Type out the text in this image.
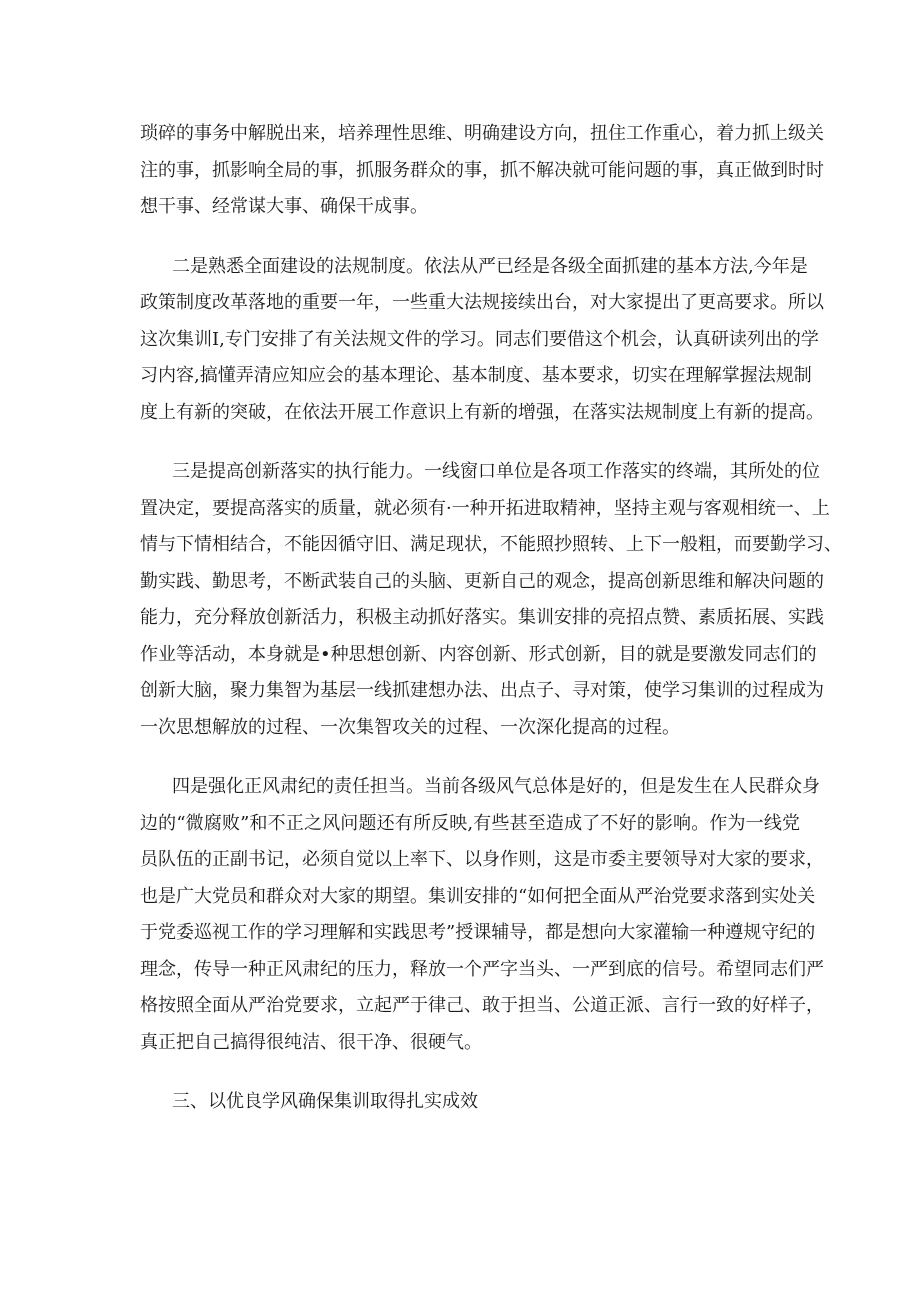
琐碎的事务中解脱出来，培养理性思维、明确建设方向，扭住工作重心，着力抓上级关
注的事，抓影响全局的事，抓服务群众的事，抓不解决就可能问题的事，真正做到时时
想干事、经常谋大事、确保干成事。
二是熟悉全面建设的法规制度。依法从严已经是各级全面抓建的基本方法,今年是
政策制度改革落地的重要一年，一些重大法规接续出台，对大家提出了更高要求。所以
这次集训Ⅰ,专门安排了有关法规文件的学习。同志们要借这个机会，认真研读列出的学
习内容,搞懂弄清应知应会的基本理论、基本制度、基本要求，切实在理解掌握法规制
度上有新的突破，在依法开展工作意识上有新的增强，在落实法规制度上有新的提高。
三是提高创新落实的执行能力。一线窗口单位是各项工作落实的终端，其所处的位
置决定，要提高落实的质量，就必须有·一种开拓进取精神，坚持主观与客观相统一、上
情与下情相结合，不能因循守旧、满足现状，不能照抄照转、上下一般粗，而要勤学习、
勤实践、勤思考，不断武装自己的头脑、更新自己的观念，提高创新思维和解决问题的
能力，充分释放创新活力，积极主动抓好落实。集训安排的亮招点赞、素质拓展、实践
作业等活动，本身就是•种思想创新、内容创新、形式创新，目的就是要激发同志们的
创新大脑，聚力集智为基层一线抓建想办法、出点子、寻对策，使学习集训的过程成为
一次思想解放的过程、一次集智攻关的过程、一次深化提高的过程。
四是强化正风肃纪的责任担当。当前各级风气总体是好的，但是发生在人民群众身
边的“微腐败”和不正之风问题还有所反映,有些甚至造成了不好的影响。作为一线党
员队伍的正副书记，必须自觉以上率下、以身作则，这是市委主要领导对大家的要求，
也是广大党员和群众对大家的期望。集训安排的“如何把全面从严治党要求落到实处关
于党委巡视工作的学习理解和实践思考”授课辅导，都是想向大家灌输一种遵规守纪的
理念，传导一种正风肃纪的压力，释放一个严字当头、一严到底的信号。希望同志们严
格按照全面从严治党要求，立起严于律己、敢于担当、公道正派、言行一致的好样子，
真正把自己搞得很纯洁、很干净、很硬气。
三、以优良学风确保集训取得扎实成效
